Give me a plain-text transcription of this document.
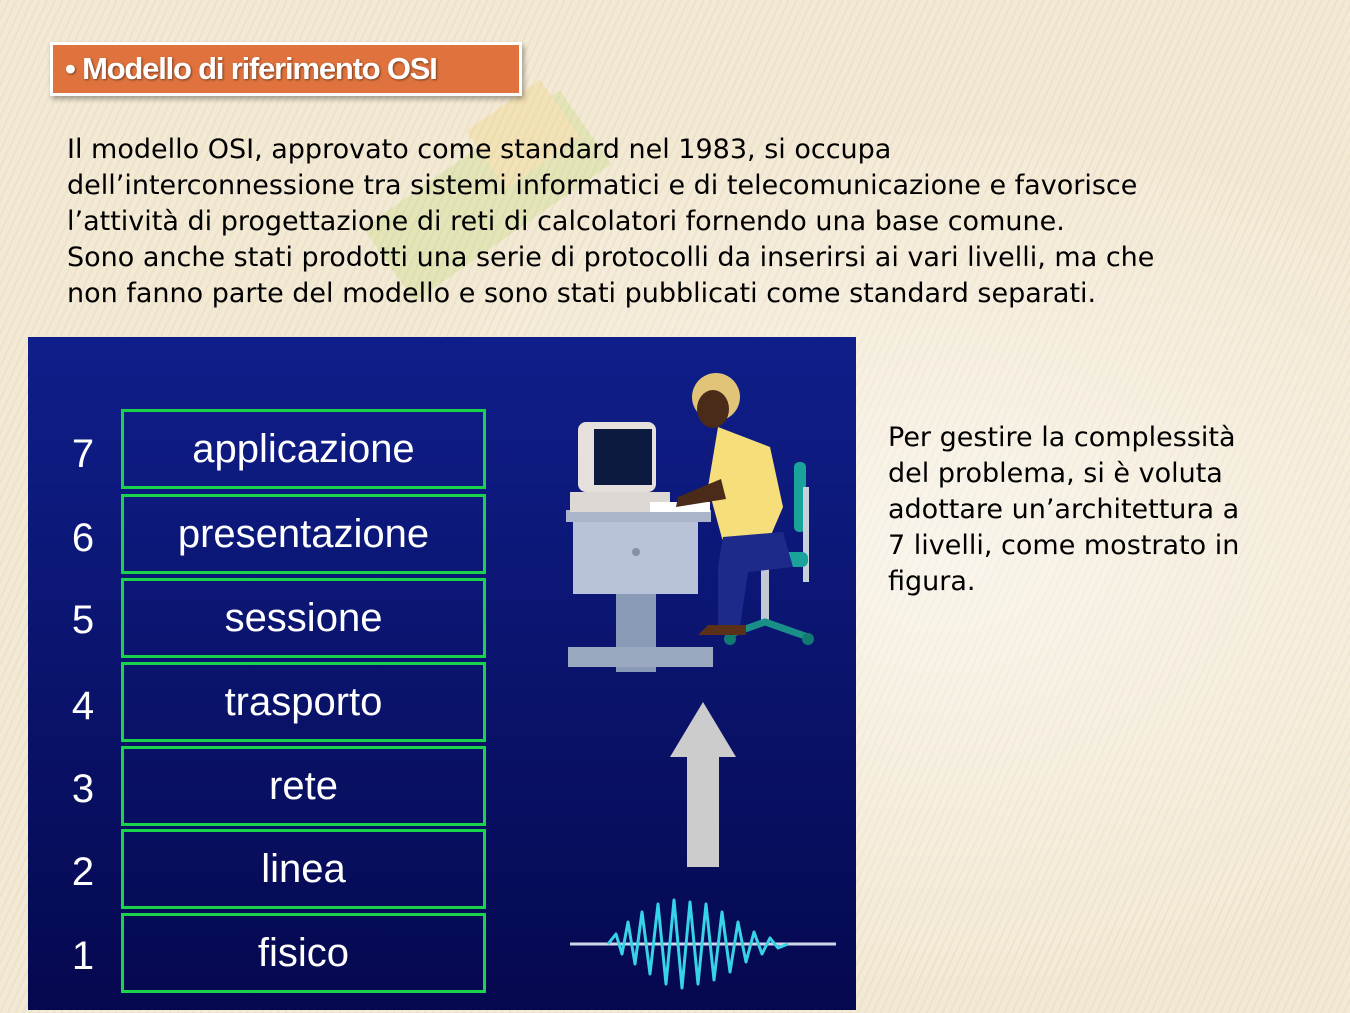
• Modello di riferimento OSI

Il modello OSI, approvato come standard nel 1983, si occupa

dell’interconnessione tra sistemi informatici e di telecomunicazione e favorisce

l’attività di progettazione di reti di calcolatori fornendo una base comune.

Sono anche stati prodotti una serie di protocolli da inserirsi ai vari livelli, ma che

non fanno parte del modello e sono stati pubblicati come standard separati.

7	applicazione
6	presentazione
5	sessione
4	trasporto
3	rete
2	linea
1	fisico
Per gestire la complessità
del problema, si è voluta
adottare un’architettura a
7 livelli, come mostrato in
figura.
